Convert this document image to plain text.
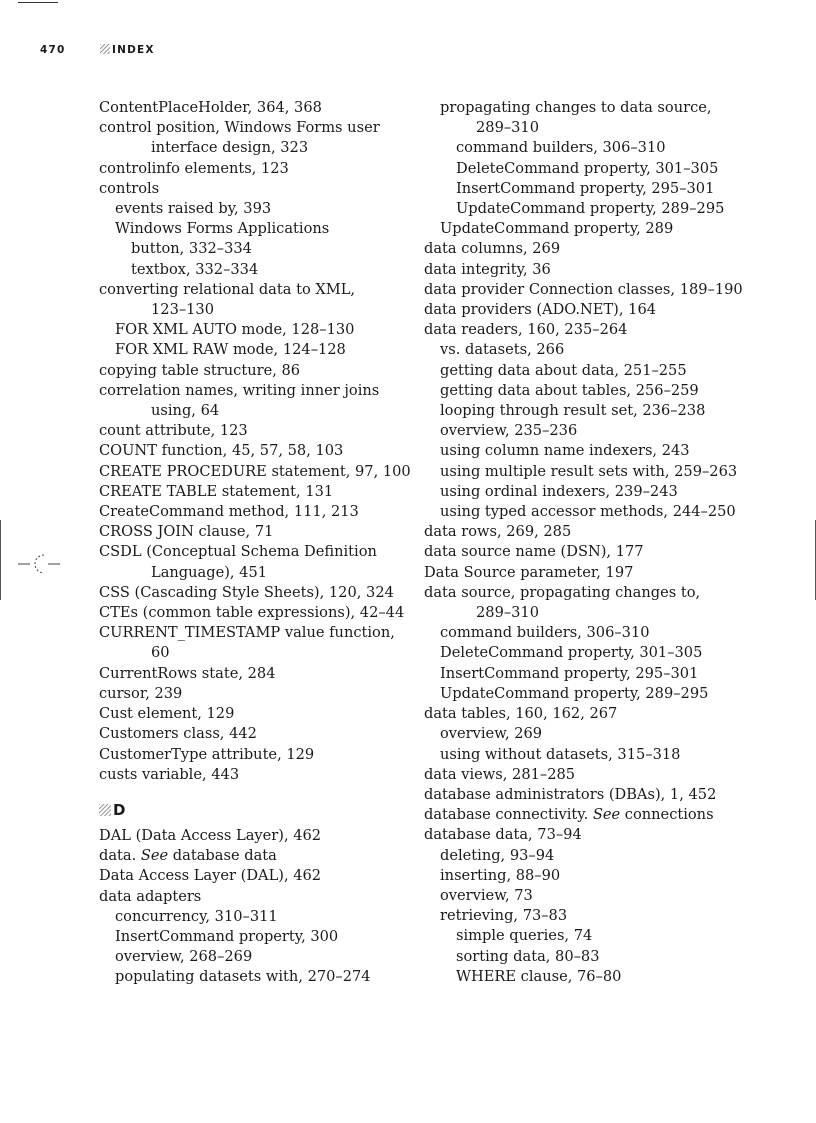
470	INDEX
ContentPlaceHolder, 364, 368
control position, Windows Forms user
interface design, 323
controlinfo elements, 123
controls
events raised by, 393
Windows Forms Applications
button, 332–334
textbox, 332–334
converting relational data to XML,
123–130
FOR XML AUTO mode, 128–130
FOR XML RAW mode, 124–128
copying table structure, 86
correlation names, writing inner joins
using, 64
count attribute, 123
COUNT function, 45, 57, 58, 103
CREATE PROCEDURE statement, 97, 100
CREATE TABLE statement, 131
CreateCommand method, 111, 213
CROSS JOIN clause, 71
CSDL (Conceptual Schema Definition
Language), 451
CSS (Cascading Style Sheets), 120, 324
CTEs (common table expressions), 42–44
CURRENT_TIMESTAMP value function,
60
CurrentRows state, 284
cursor, 239
Cust element, 129
Customers class, 442
CustomerType attribute, 129
custs variable, 443
D
DAL (Data Access Layer), 462
data. See database data
Data Access Layer (DAL), 462
data adapters
concurrency, 310–311
InsertCommand property, 300
overview, 268–269
populating datasets with, 270–274
propagating changes to data source,
289–310
command builders, 306–310
DeleteCommand property, 301–305
InsertCommand property, 295–301
UpdateCommand property, 289–295
UpdateCommand property, 289
data columns, 269
data integrity, 36
data provider Connection classes, 189–190
data providers (ADO.NET), 164
data readers, 160, 235–264
vs. datasets, 266
getting data about data, 251–255
getting data about tables, 256–259
looping through result set, 236–238
overview, 235–236
using column name indexers, 243
using multiple result sets with, 259–263
using ordinal indexers, 239–243
using typed accessor methods, 244–250
data rows, 269, 285
data source name (DSN), 177
Data Source parameter, 197
data source, propagating changes to,
289–310
command builders, 306–310
DeleteCommand property, 301–305
InsertCommand property, 295–301
UpdateCommand property, 289–295
data tables, 160, 162, 267
overview, 269
using without datasets, 315–318
data views, 281–285
database administrators (DBAs), 1, 452
database connectivity. See connections
database data, 73–94
deleting, 93–94
inserting, 88–90
overview, 73
retrieving, 73–83
simple queries, 74
sorting data, 80–83
WHERE clause, 76–80
